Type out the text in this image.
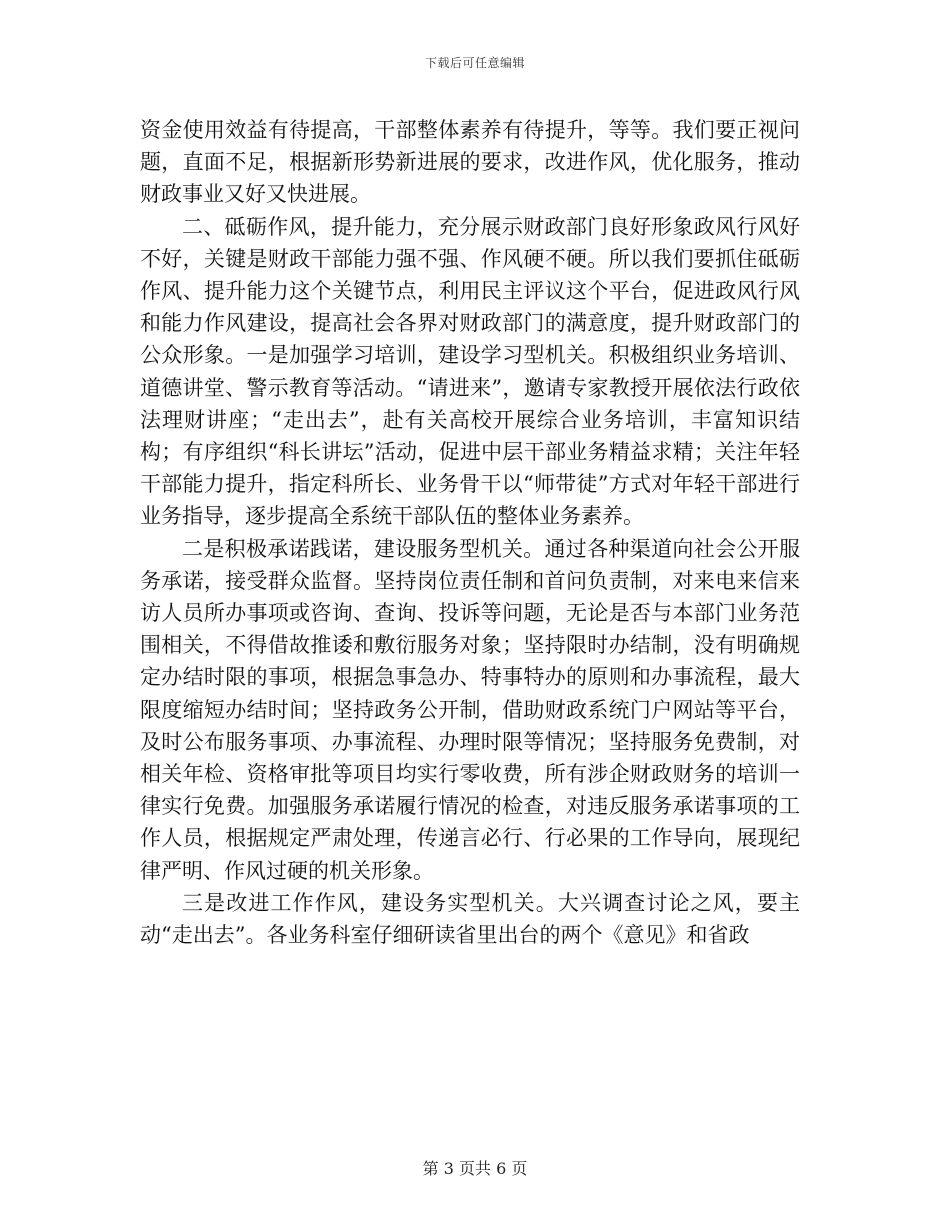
下载后可任意编辑

资金使用效益有待提高，干部整体素养有待提升，等等。我们要正视问题，直面不足，根据新形势新进展的要求，改进作风，优化服务，推动财政事业又好又快进展。

二、砥砺作风，提升能力，充分展示财政部门良好形象政风行风好不好，关键是财政干部能力强不强、作风硬不硬。所以我们要抓住砥砺作风、提升能力这个关键节点，利用民主评议这个平台，促进政风行风和能力作风建设，提高社会各界对财政部门的满意度，提升财政部门的公众形象。一是加强学习培训，建设学习型机关。积极组织业务培训、道德讲堂、警示教育等活动。“请进来”，邀请专家教授开展依法行政依法理财讲座；“走出去”，赴有关高校开展综合业务培训，丰富知识结构；有序组织“科长讲坛”活动，促进中层干部业务精益求精；关注年轻干部能力提升，指定科所长、业务骨干以“师带徒”方式对年轻干部进行业务指导，逐步提高全系统干部队伍的整体业务素养。

二是积极承诺践诺，建设服务型机关。通过各种渠道向社会公开服务承诺，接受群众监督。坚持岗位责任制和首问负责制，对来电来信来访人员所办事项或咨询、查询、投诉等问题，无论是否与本部门业务范围相关，不得借故推诿和敷衍服务对象；坚持限时办结制，没有明确规定办结时限的事项，根据急事急办、特事特办的原则和办事流程，最大限度缩短办结时间；坚持政务公开制，借助财政系统门户网站等平台，及时公布服务事项、办事流程、办理时限等情况；坚持服务免费制，对相关年检、资格审批等项目均实行零收费，所有涉企财政财务的培训一律实行免费。加强服务承诺履行情况的检查，对违反服务承诺事项的工作人员，根据规定严肃处理，传递言必行、行必果的工作导向，展现纪律严明、作风过硬的机关形象。

三是改进工作作风，建设务实型机关。大兴调查讨论之风，要主动“走出去”。各业务科室仔细研读省里出台的两个《意见》和省政

第 3 页共 6 页
